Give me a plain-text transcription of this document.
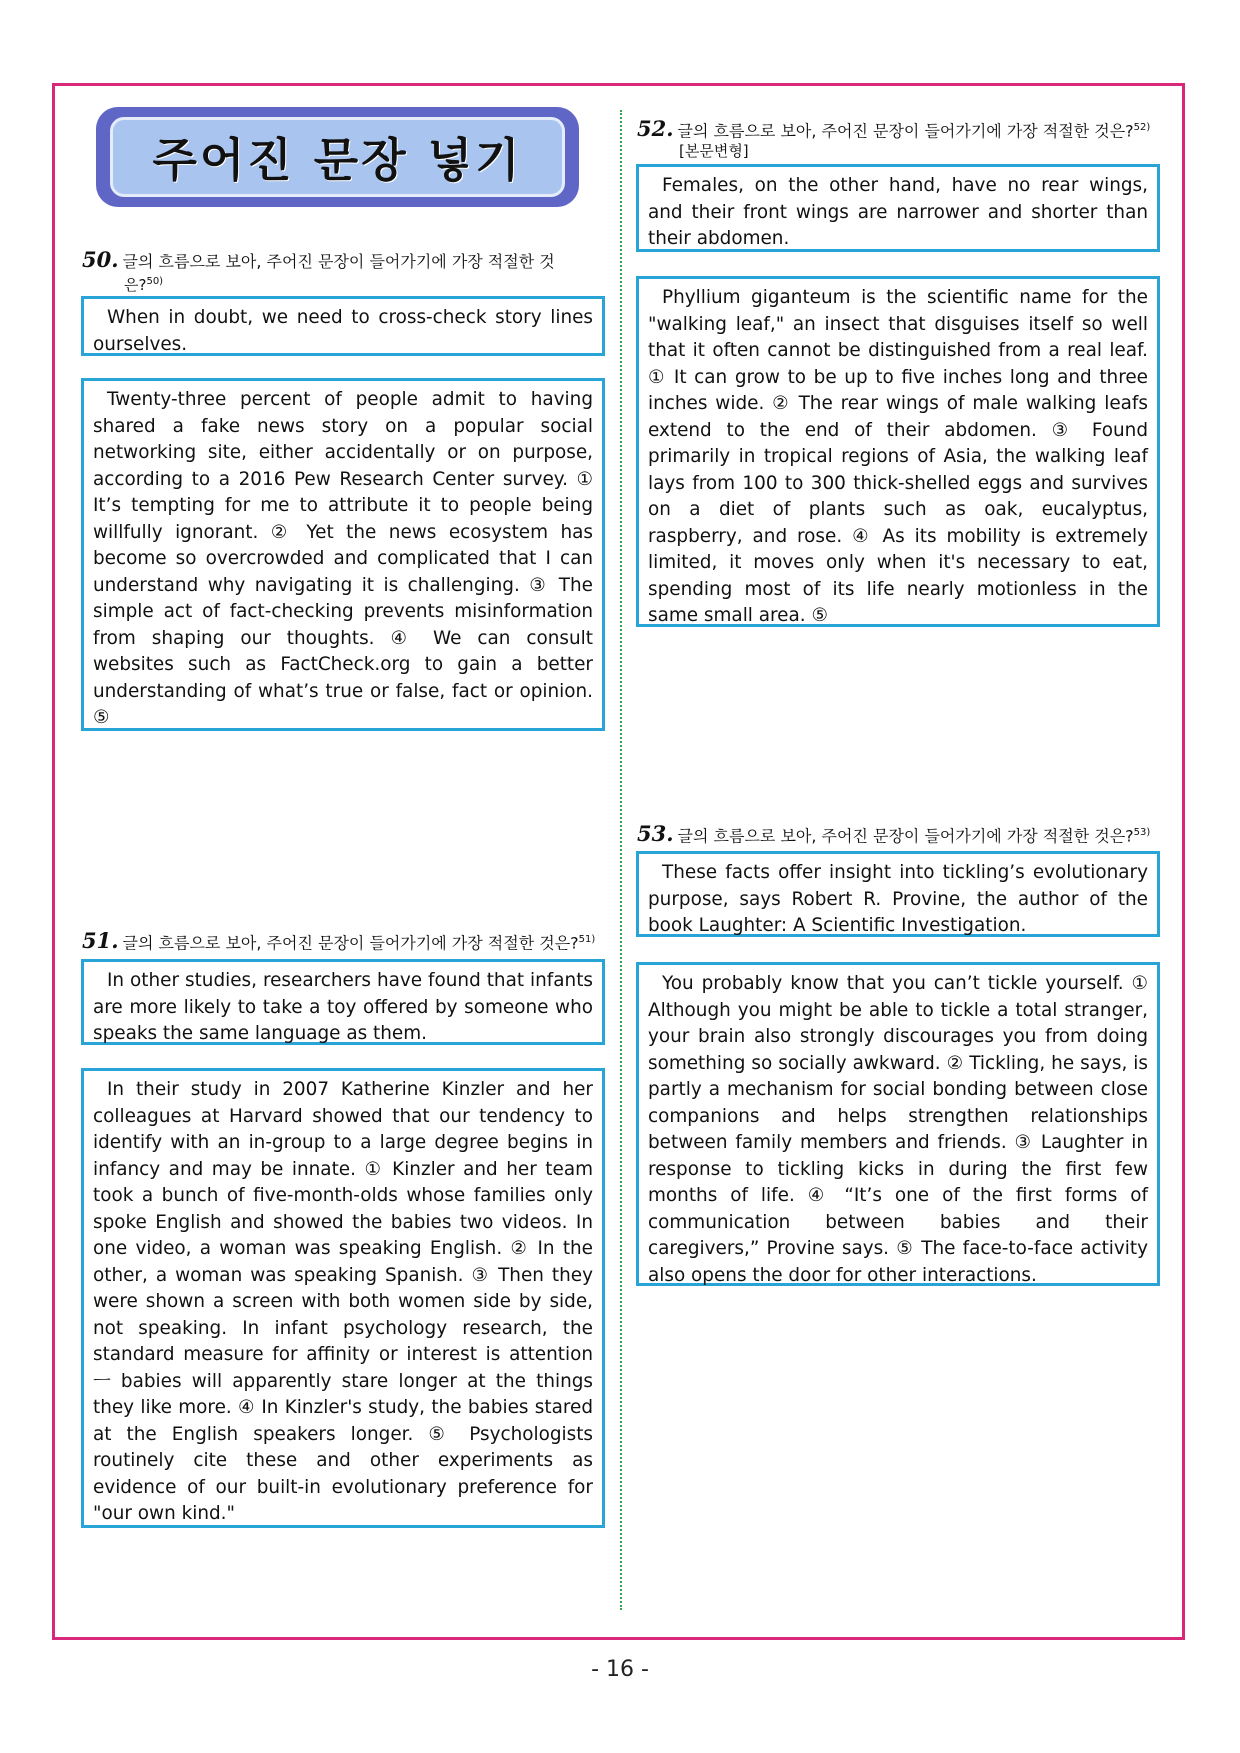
주어진 문장 넣기
50. 글의 흐름으로 보아, 주어진 문장이 들어가기에 가장 적절한 것
은?$^{50)}$

When in doubt, we need to cross-check story lines ourselves.

Twenty-three percent of people admit to having shared a fake news story on a popular social networking site, either accidentally or on purpose, according to a 2016 Pew Research Center survey. ① It’s tempting for me to attribute it to people being willfully ignorant. ② Yet the news ecosystem has become so overcrowded and complicated that I can understand why navigating it is challenging. ③ The simple act of fact-checking prevents misinformation from shaping our thoughts. ④ We can consult websites such as FactCheck.org to gain a better understanding of what’s true or false, fact or opinion. ⑤

51. 글의 흐름으로 보아, 주어진 문장이 들어가기에 가장 적절한 것은?$^{51)}$

In other studies, researchers have found that infants are more likely to take a toy offered by someone who speaks the same language as them.

In their study in 2007 Katherine Kinzler and her colleagues at Harvard showed that our tendency to identify with an in-group to a large degree begins in infancy and may be innate. ① Kinzler and her team took a bunch of five-month-olds whose families only spoke English and showed the babies two videos. In one video, a woman was speaking English. ② In the other, a woman was speaking Spanish. ③ Then they were shown a screen with both women side by side, not speaking. In infant psychology research, the standard measure for affinity or interest is attention ㅡ babies will apparently stare longer at the things they like more. ④ In Kinzler's study, the babies stared at the English speakers longer. ⑤ Psychologists routinely cite these and other experiments as evidence of our built-in evolutionary preference for "our own kind."

52. 글의 흐름으로 보아, 주어진 문장이 들어가기에 가장 적절한 것은?$^{52)}$
[본문변형]

Females, on the other hand, have no rear wings, and their front wings are narrower and shorter than their abdomen.

Phyllium giganteum is the scientific name for the "walking leaf," an insect that disguises itself so well that it often cannot be distinguished from a real leaf. ① It can grow to be up to five inches long and three inches wide. ② The rear wings of male walking leafs extend to the end of their abdomen. ③ Found primarily in tropical regions of Asia, the walking leaf lays from 100 to 300 thick-shelled eggs and survives on a diet of plants such as oak, eucalyptus, raspberry, and rose. ④ As its mobility is extremely limited, it moves only when it's necessary to eat, spending most of its life nearly motionless in the same small area. ⑤

53. 글의 흐름으로 보아, 주어진 문장이 들어가기에 가장 적절한 것은?$^{53)}$

These facts offer insight into tickling’s evolutionary purpose, says Robert R. Provine, the author of the book Laughter: A Scientific Investigation.

You probably know that you can’t tickle yourself. ① Although you might be able to tickle a total stranger, your brain also strongly discourages you from doing something so socially awkward. ② Tickling, he says, is partly a mechanism for social bonding between close companions and helps strengthen relationships between family members and friends. ③ Laughter in response to tickling kicks in during the first few months of life. ④ “It’s one of the first forms of communication between babies and their caregivers,” Provine says. ⑤ The face-to-face activity also opens the door for other interactions.

- 16 -
